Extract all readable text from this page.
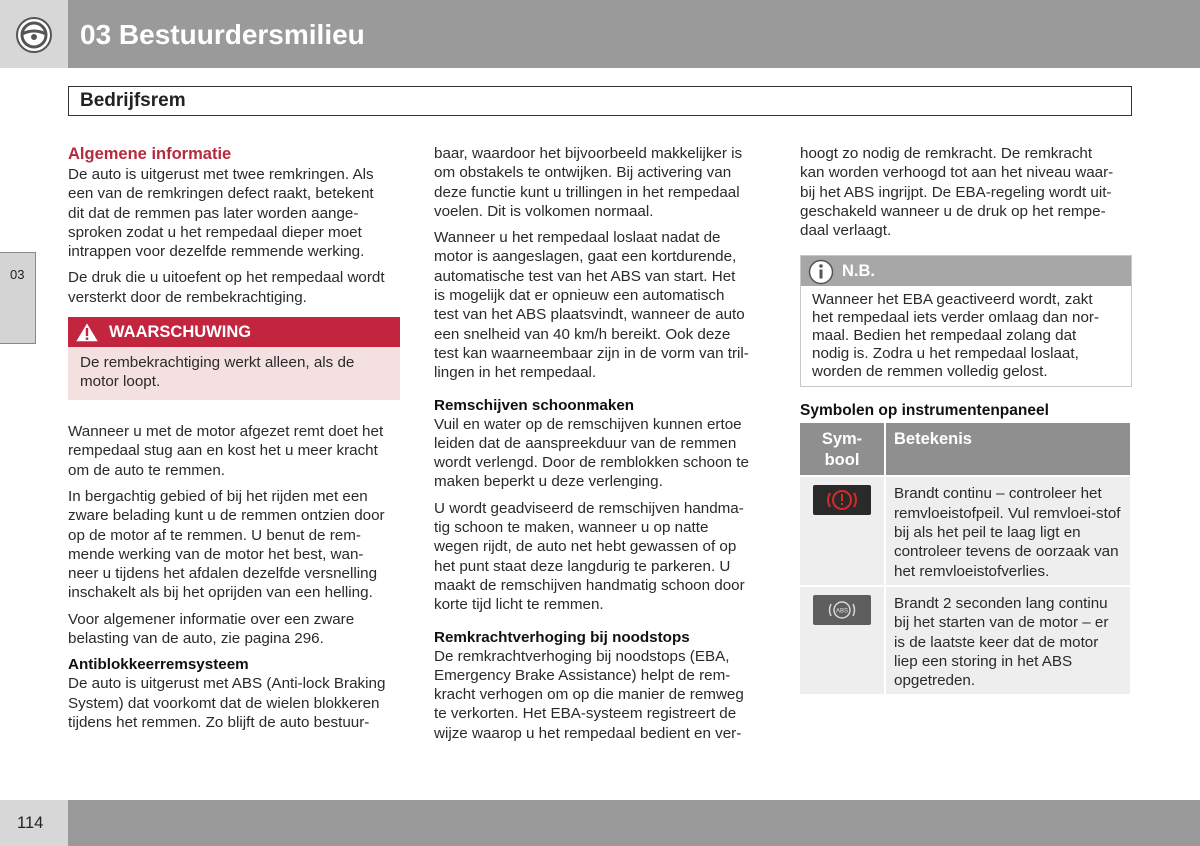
03 Bestuurdersmilieu
Bedrijfsrem
03
Algemene informatie

De auto is uitgerust met twee remkringen. Als
een van de remkringen defect raakt, betekent
dit dat de remmen pas later worden aange-
sproken zodat u het rempedaal dieper moet
intrappen voor dezelfde remmende werking.

De druk die u uitoefent op het rempedaal wordt
versterkt door de rembekrachtiging.

WAARSCHUWING
De rembekrachtiging werkt alleen, als de
motor loopt.

Wanneer u met de motor afgezet remt doet het
rempedaal stug aan en kost het u meer kracht
om de auto te remmen.

In bergachtig gebied of bij het rijden met een
zware belading kunt u de remmen ontzien door
op de motor af te remmen. U benut de rem-
mende werking van de motor het best, wan-
neer u tijdens het afdalen dezelfde versnelling
inschakelt als bij het oprijden van een helling.

Voor algemener informatie over een zware
belasting van de auto, zie pagina 296.

Antiblokkeerremsysteem

De auto is uitgerust met ABS (Anti-lock Braking
System) dat voorkomt dat de wielen blokkeren
tijdens het remmen. Zo blijft de auto bestuur-

baar, waardoor het bijvoorbeeld makkelijker is
om obstakels te ontwijken. Bij activering van
deze functie kunt u trillingen in het rempedaal
voelen. Dit is volkomen normaal.

Wanneer u het rempedaal loslaat nadat de
motor is aangeslagen, gaat een kortdurende,
automatische test van het ABS van start. Het
is mogelijk dat er opnieuw een automatisch
test van het ABS plaatsvindt, wanneer de auto
een snelheid van 40 km/h bereikt. Ook deze
test kan waarneembaar zijn in de vorm van tril-
lingen in het rempedaal.

Remschijven schoonmaken

Vuil en water op de remschijven kunnen ertoe
leiden dat de aanspreekduur van de remmen
wordt verlengd. Door de remblokken schoon te
maken beperkt u deze verlenging.

U wordt geadviseerd de remschijven handma-
tig schoon te maken, wanneer u op natte
wegen rijdt, de auto net hebt gewassen of op
het punt staat deze langdurig te parkeren. U
maakt de remschijven handmatig schoon door
korte tijd licht te remmen.

Remkrachtverhoging bij noodstops

De remkrachtverhoging bij noodstops (EBA,
Emergency Brake Assistance) helpt de rem-
kracht verhogen om op die manier de remweg
te verkorten. Het EBA-systeem registreert de
wijze waarop u het rempedaal bedient en ver-

hoogt zo nodig de remkracht. De remkracht
kan worden verhoogd tot aan het niveau waar-
bij het ABS ingrijpt. De EBA-regeling wordt uit-
geschakeld wanneer u de druk op het rempe-
daal verlaagt.

N.B.
Wanneer het EBA geactiveerd wordt, zakt
het rempedaal iets verder omlaag dan nor-
maal. Bedien het rempedaal zolang dat
nodig is. Zodra u het rempedaal loslaat,
worden de remmen volledig gelost.
Symbolen op instrumentenpaneel
Sym-
bool	Betekenis
	Brandt continu – controleer het remvloeistofpeil. Vul remvloei-stof bij als het peil te laag ligt en controleer tevens de oorzaak van het remvloeistofverlies.

ABS	Brandt 2 seconden lang continu bij het starten van de motor – er is de laatste keer dat de motor liep een storing in het ABS opgetreden.
114
